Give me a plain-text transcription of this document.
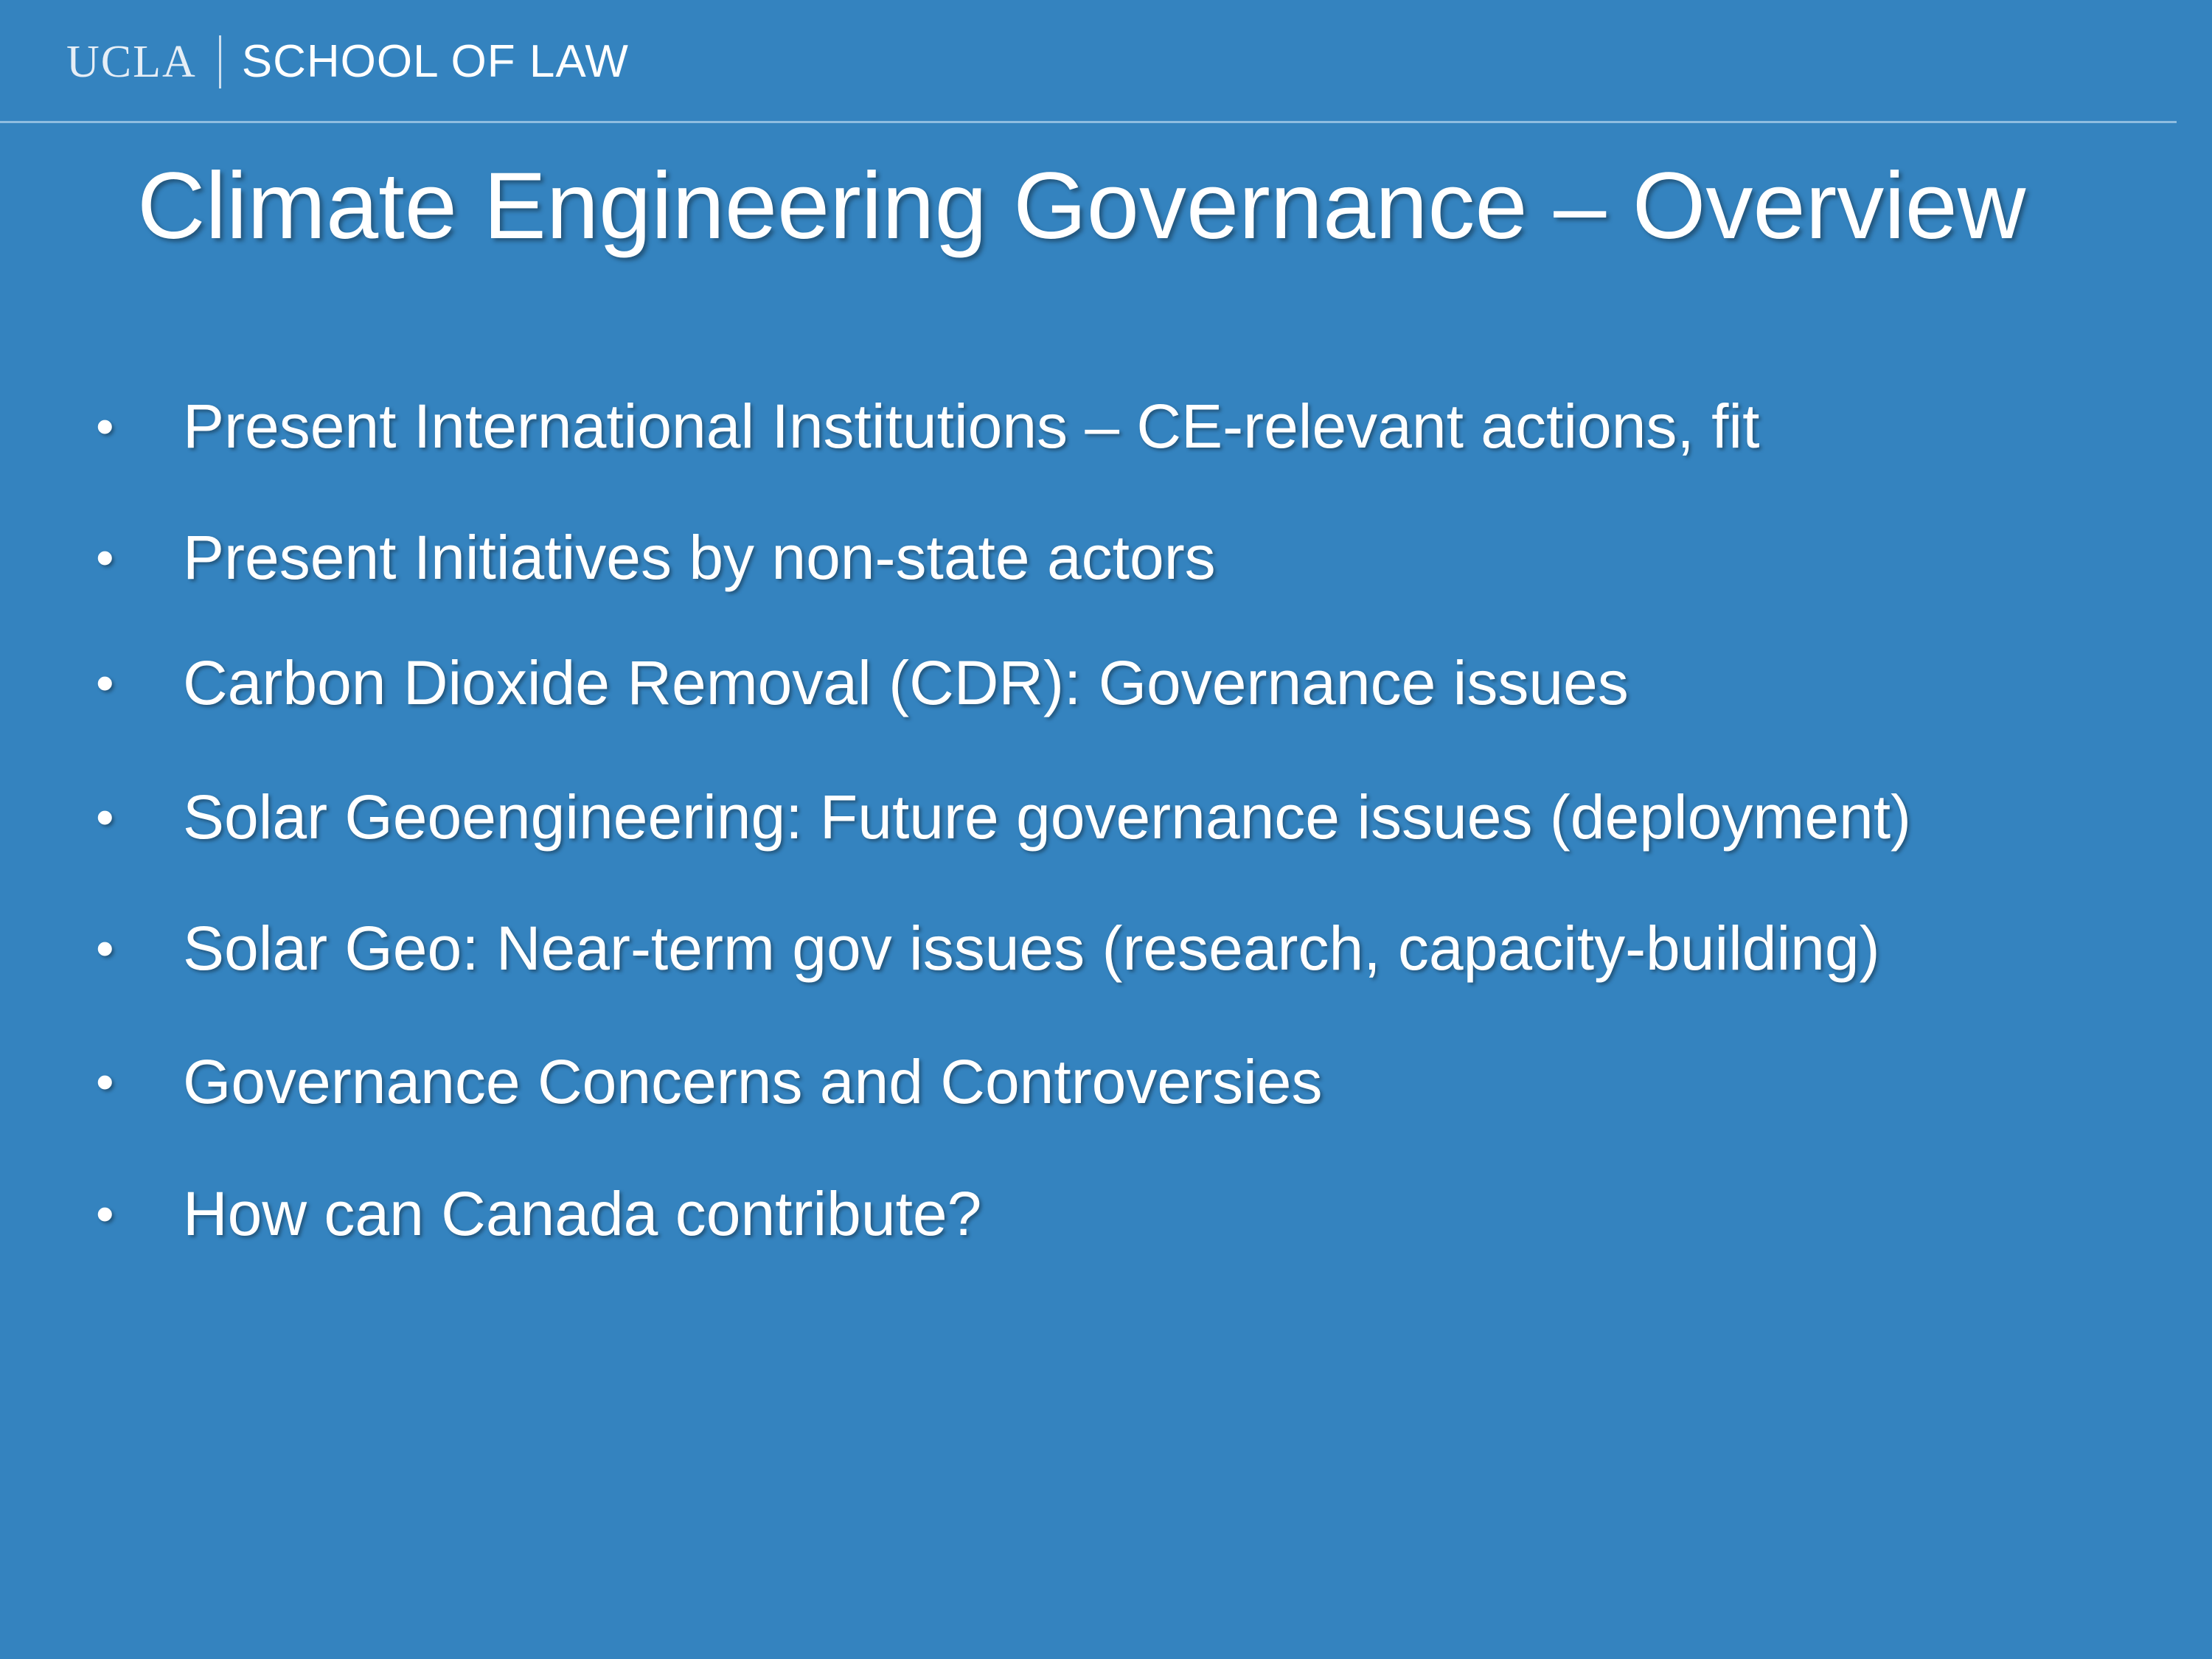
UCLA SCHOOL OF LAW
Climate Engineering Governance – Overview
•	Present International Institutions – CE-relevant actions, fit
•	Present Initiatives by non-state actors
•	Carbon Dioxide Removal (CDR): Governance issues
•	Solar Geoengineering: Future governance issues (deployment)
•	Solar Geo: Near-term gov issues (research, capacity-building)
•	Governance Concerns and Controversies
•	How can Canada contribute?
